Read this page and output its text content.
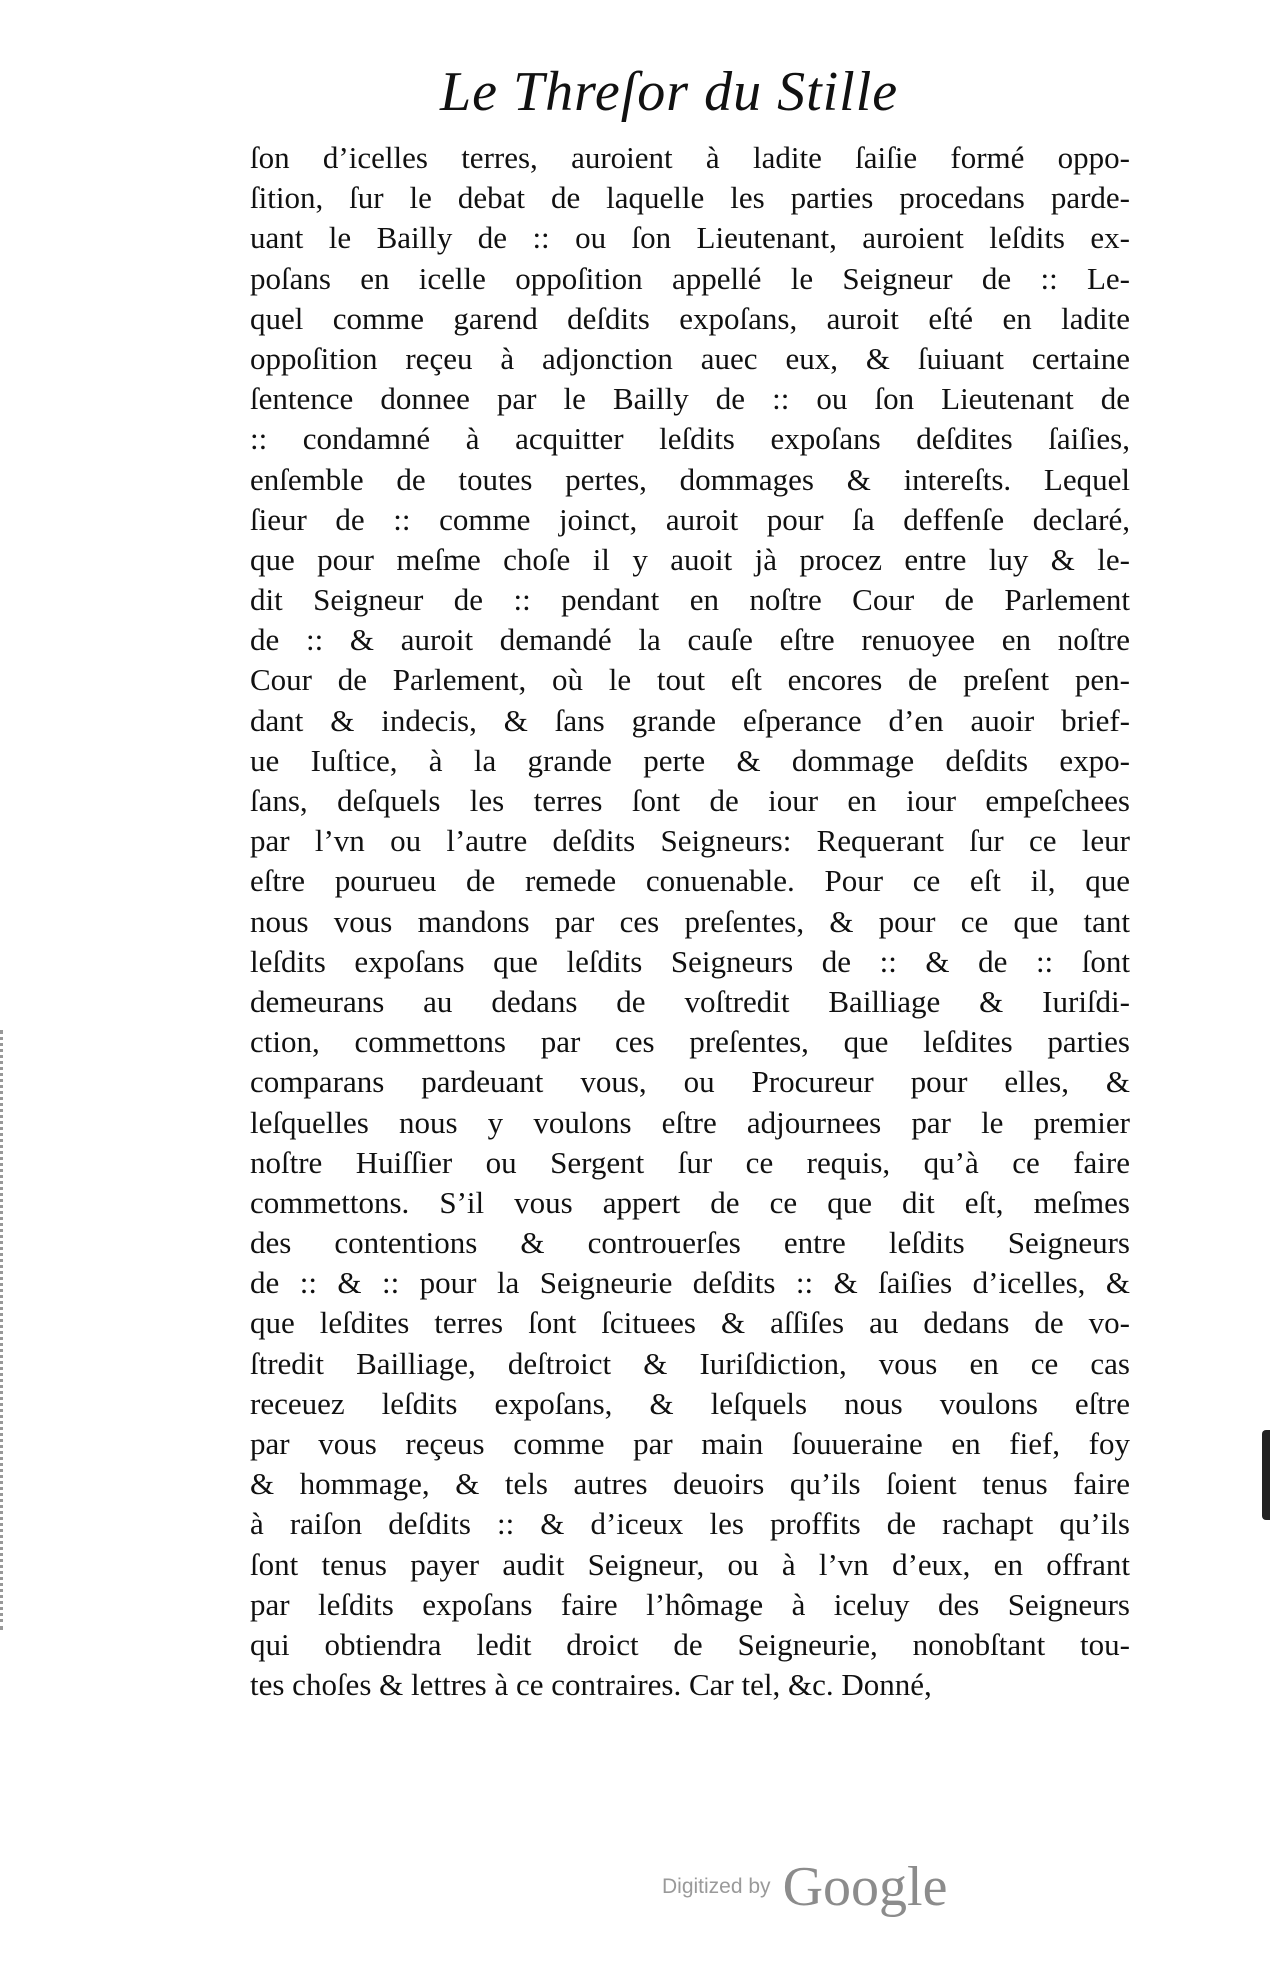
Le Threſor du Stille
ſon d’icelles terres, auroient à ladite ſaiſie formé oppo-
ſition, ſur le debat de laquelle les parties procedans parde-
uant le Bailly de :: ou ſon Lieutenant, auroient leſdits ex-
poſans en icelle oppoſition appellé le Seigneur de :: Le-
quel comme garend deſdits expoſans, auroit eſté en ladite
oppoſition reçeu à adjonction auec eux, & ſuiuant certaine
ſentence donnee par le Bailly de :: ou ſon Lieutenant de
:: condamné à acquitter leſdits expoſans deſdites ſaiſies,
enſemble de toutes pertes, dommages & intereſts. Lequel
ſieur de :: comme joinct, auroit pour ſa deffenſe declaré,
que pour meſme choſe il y auoit jà procez entre luy & le-
dit Seigneur de :: pendant en noſtre Cour de Parlement
de :: & auroit demandé la cauſe eſtre renuoyee en noſtre
Cour de Parlement, où le tout eſt encores de preſent pen-
dant & indecis, & ſans grande eſperance d’en auoir brief-
ue Iuſtice, à la grande perte & dommage deſdits expo-
ſans, deſquels les terres ſont de iour en iour empeſchees
par l’vn ou l’autre deſdits Seigneurs: Requerant ſur ce leur
eſtre pourueu de remede conuenable. Pour ce eſt il, que
nous vous mandons par ces preſentes, & pour ce que tant
leſdits expoſans que leſdits Seigneurs de :: & de :: ſont
demeurans au dedans de voſtredit Bailliage & Iuriſdi-
ction, commettons par ces preſentes, que leſdites parties
comparans pardeuant vous, ou Procureur pour elles, &
leſquelles nous y voulons eſtre adjournees par le premier
noſtre Huiſſier ou Sergent ſur ce requis, qu’à ce faire
commettons. S’il vous appert de ce que dit eſt, meſmes
des contentions & controuerſes entre leſdits Seigneurs
de :: & :: pour la Seigneurie deſdits :: & ſaiſies d’icelles, &
que leſdites terres ſont ſcituees & aſſiſes au dedans de vo-
ſtredit Bailliage, deſtroict & Iuriſdiction, vous en ce cas
receuez leſdits expoſans, & leſquels nous voulons eſtre
par vous reçeus comme par main ſouueraine en fief, foy
& hommage, & tels autres deuoirs qu’ils ſoient tenus faire
à raiſon deſdits :: & d’iceux les proffits de rachapt qu’ils
ſont tenus payer audit Seigneur, ou à l’vn d’eux, en offrant
par leſdits expoſans faire l’hômage à iceluy des Seigneurs
qui obtiendra ledit droict de Seigneurie, nonobſtant tou-
tes choſes & lettres à ce contraires. Car tel, &c. Donné,
Digitized by Google
